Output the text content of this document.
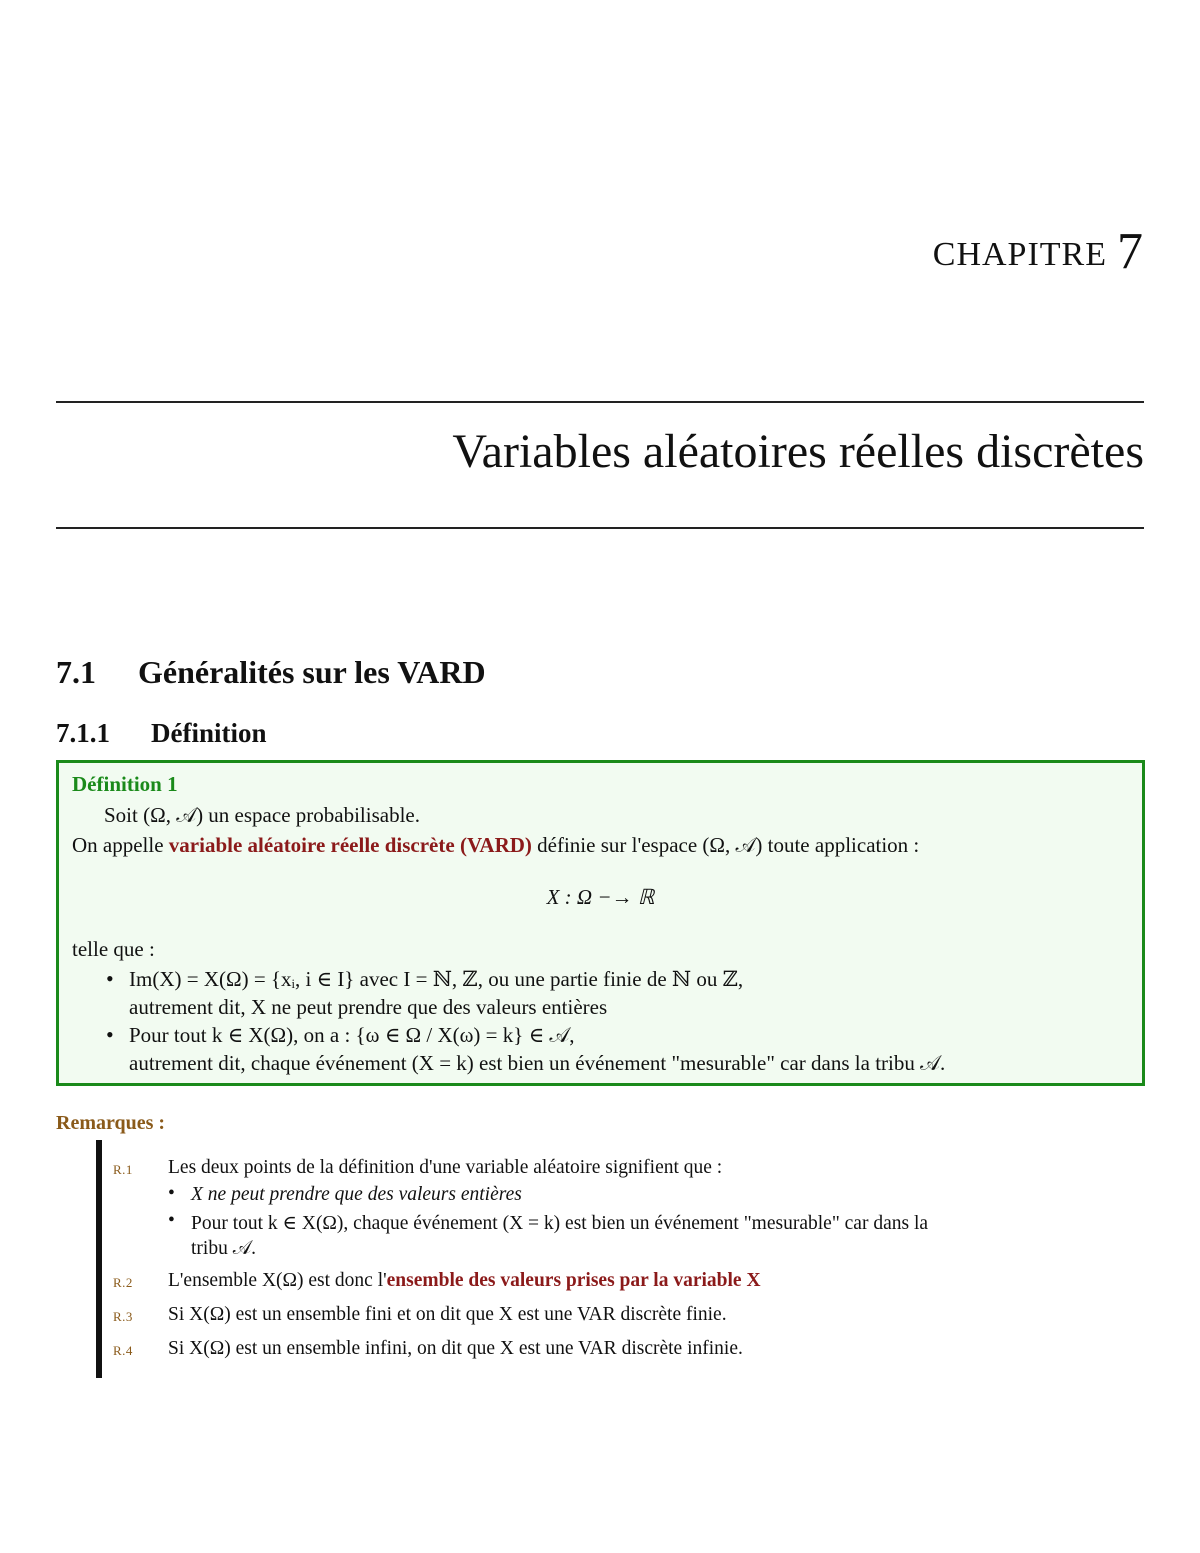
CHAPITRE 7
Variables aléatoires réelles discrètes
7.1 Généralités sur les VARD
7.1.1 Définition
Définition 1
Soit (Ω, 𝒜) un espace probabilisable.
On appelle variable aléatoire réelle discrète (VARD) définie sur l'espace (Ω, 𝒜) toute application :
X : Ω −→ ℝ
telle que :
• Im(X) = X(Ω) = {xᵢ, i ∈ I} avec I = ℕ, ℤ, ou une partie finie de ℕ ou ℤ,
autrement dit, X ne peut prendre que des valeurs entières
• Pour tout k ∈ X(Ω), on a : {ω ∈ Ω / X(ω) = k} ∈ 𝒜,
autrement dit, chaque événement (X = k) est bien un événement "mesurable" car dans la tribu 𝒜.
Remarques :
R.1 Les deux points de la définition d'une variable aléatoire signifient que :
• X ne peut prendre que des valeurs entières
• Pour tout k ∈ X(Ω), chaque événement (X = k) est bien un événement "mesurable" car dans la
tribu 𝒜.
R.2 L'ensemble X(Ω) est donc l'ensemble des valeurs prises par la variable X
R.3 Si X(Ω) est un ensemble fini et on dit que X est une VAR discrète finie.
R.4 Si X(Ω) est un ensemble infini, on dit que X est une VAR discrète infinie.
